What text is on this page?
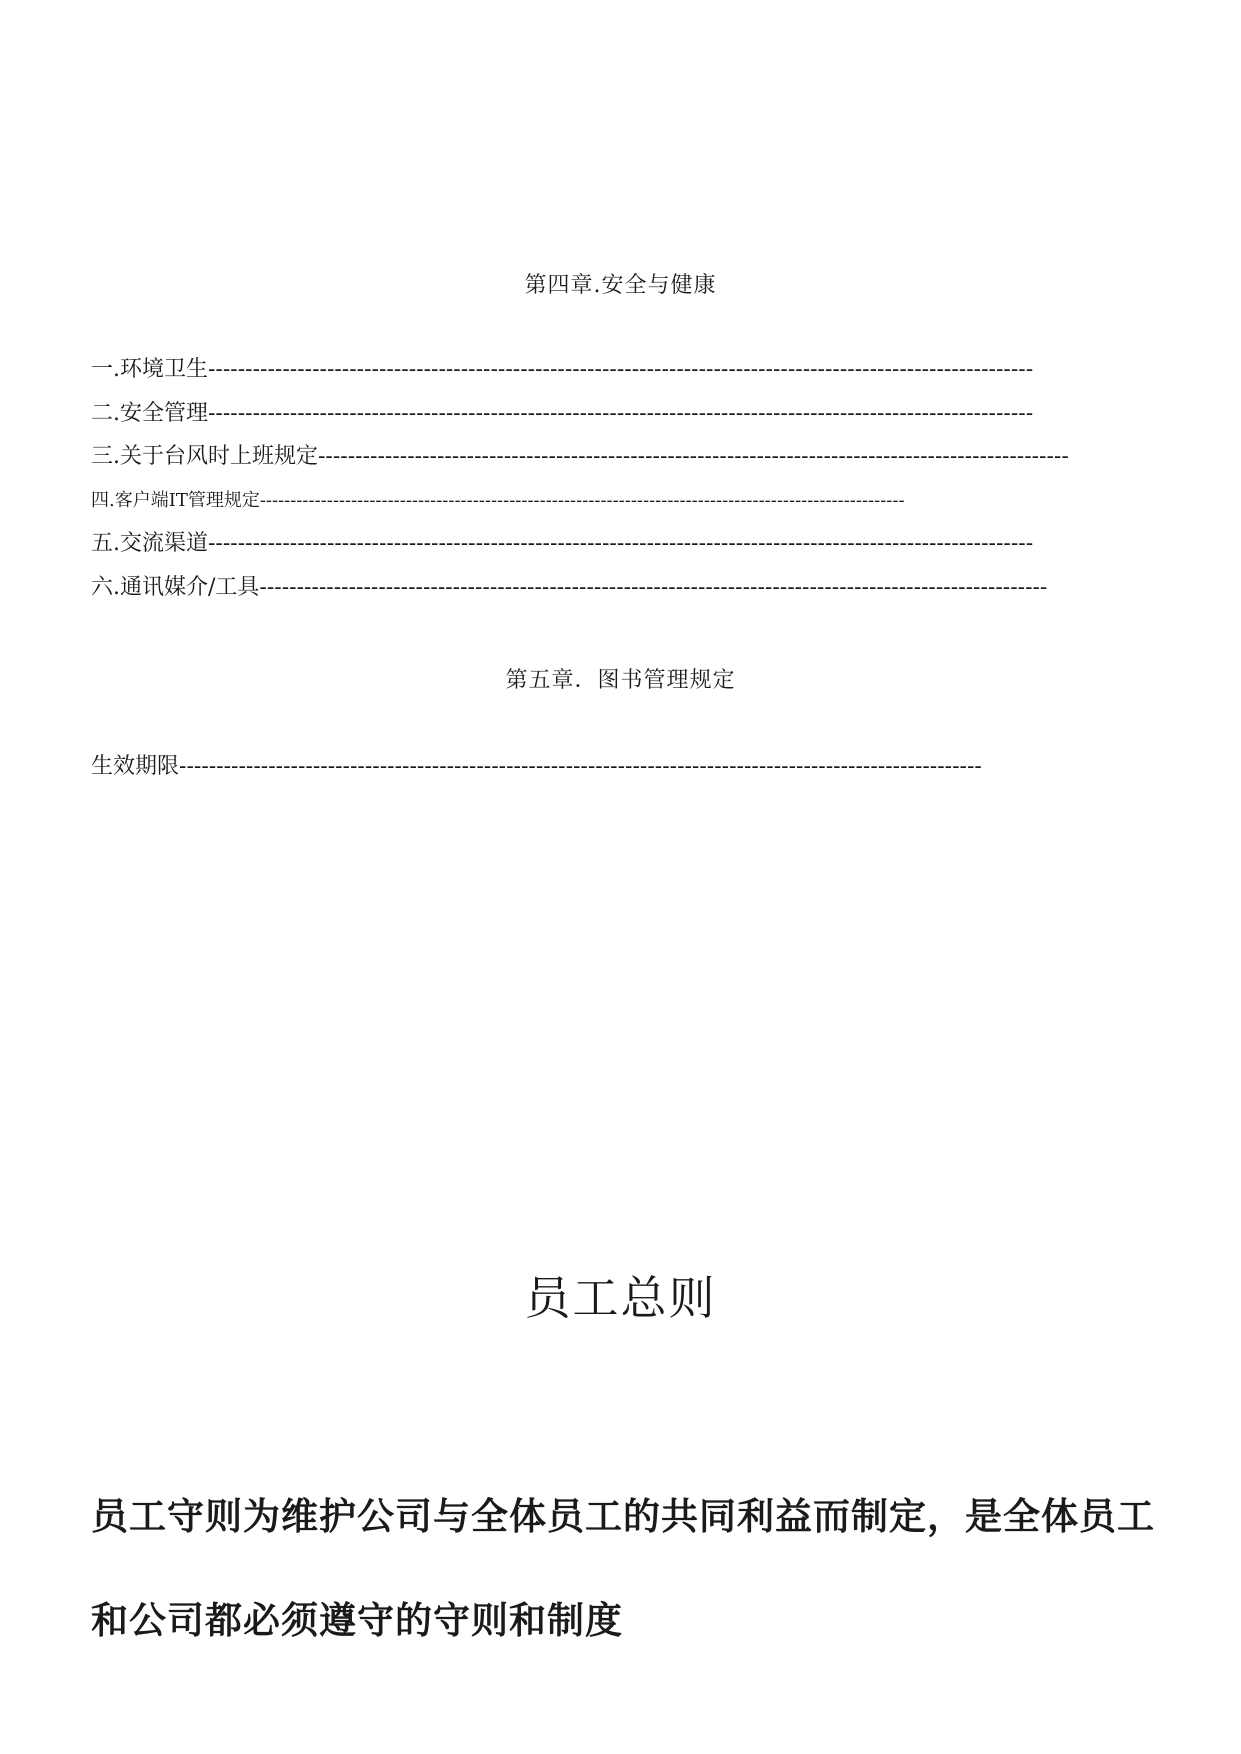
第四章.安全与健康
一.环境卫生---------------------------------------------------------------------------------------------------------------
二.安全管理---------------------------------------------------------------------------------------------------------------
三.关于台风时上班规定-----------------------------------------------------------------------------------------------------
四.客户端IT管理规定----------------------------------------------------------------------------------------------------------
五.交流渠道---------------------------------------------------------------------------------------------------------------
六.通讯媒介/工具----------------------------------------------------------------------------------------------------------
第五章．图书管理规定
生效期限------------------------------------------------------------------------------------------------------------
员工总则
员工守则为维护公司与全体员工的共同利益而制定，是全体员工
和公司都必须遵守的守则和制度
